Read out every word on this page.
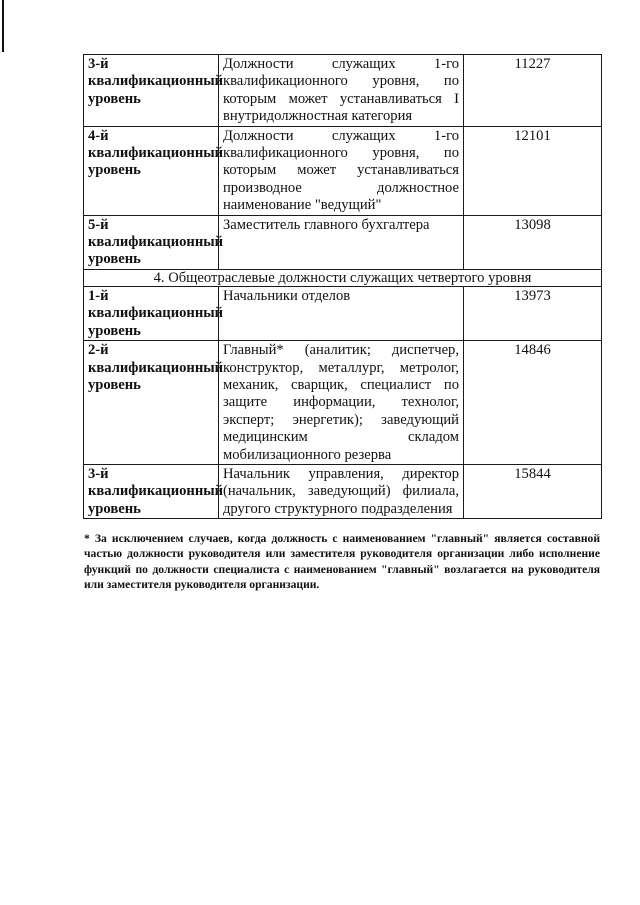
3-й квалификационный уровень	Должности служащих 1-го квалификационного уровня, по которым может устанавливаться I внутридолжностная категория	11227
4-й квалификационный уровень	Должности служащих 1-го квалификационного уровня, по которым может устанавливаться производное должностное наименование "ведущий"	12101
5-й квалификационный уровень	Заместитель главного бухгалтера	13098
4. Общеотраслевые должности служащих четвертого уровня		
1-й квалификационный уровень	Начальники отделов	13973
2-й квалификационный уровень	Главный* (аналитик; диспетчер, конструктор, металлург, метролог, механик, сварщик, специалист по защите информации, технолог, эксперт; энергетик); заведующий медицинским складом мобилизационного резерва	14846
3-й квалификационный уровень	Начальник управления, директор (начальник, заведующий) филиала, другого структурного подразделения	15844

* За исключением случаев, когда должность с наименованием "главный" является составной частью должности руководителя или заместителя руководителя организации либо исполнение функций по должности специалиста с наименованием "главный" возлагается на руководителя или заместителя руководителя организации.
